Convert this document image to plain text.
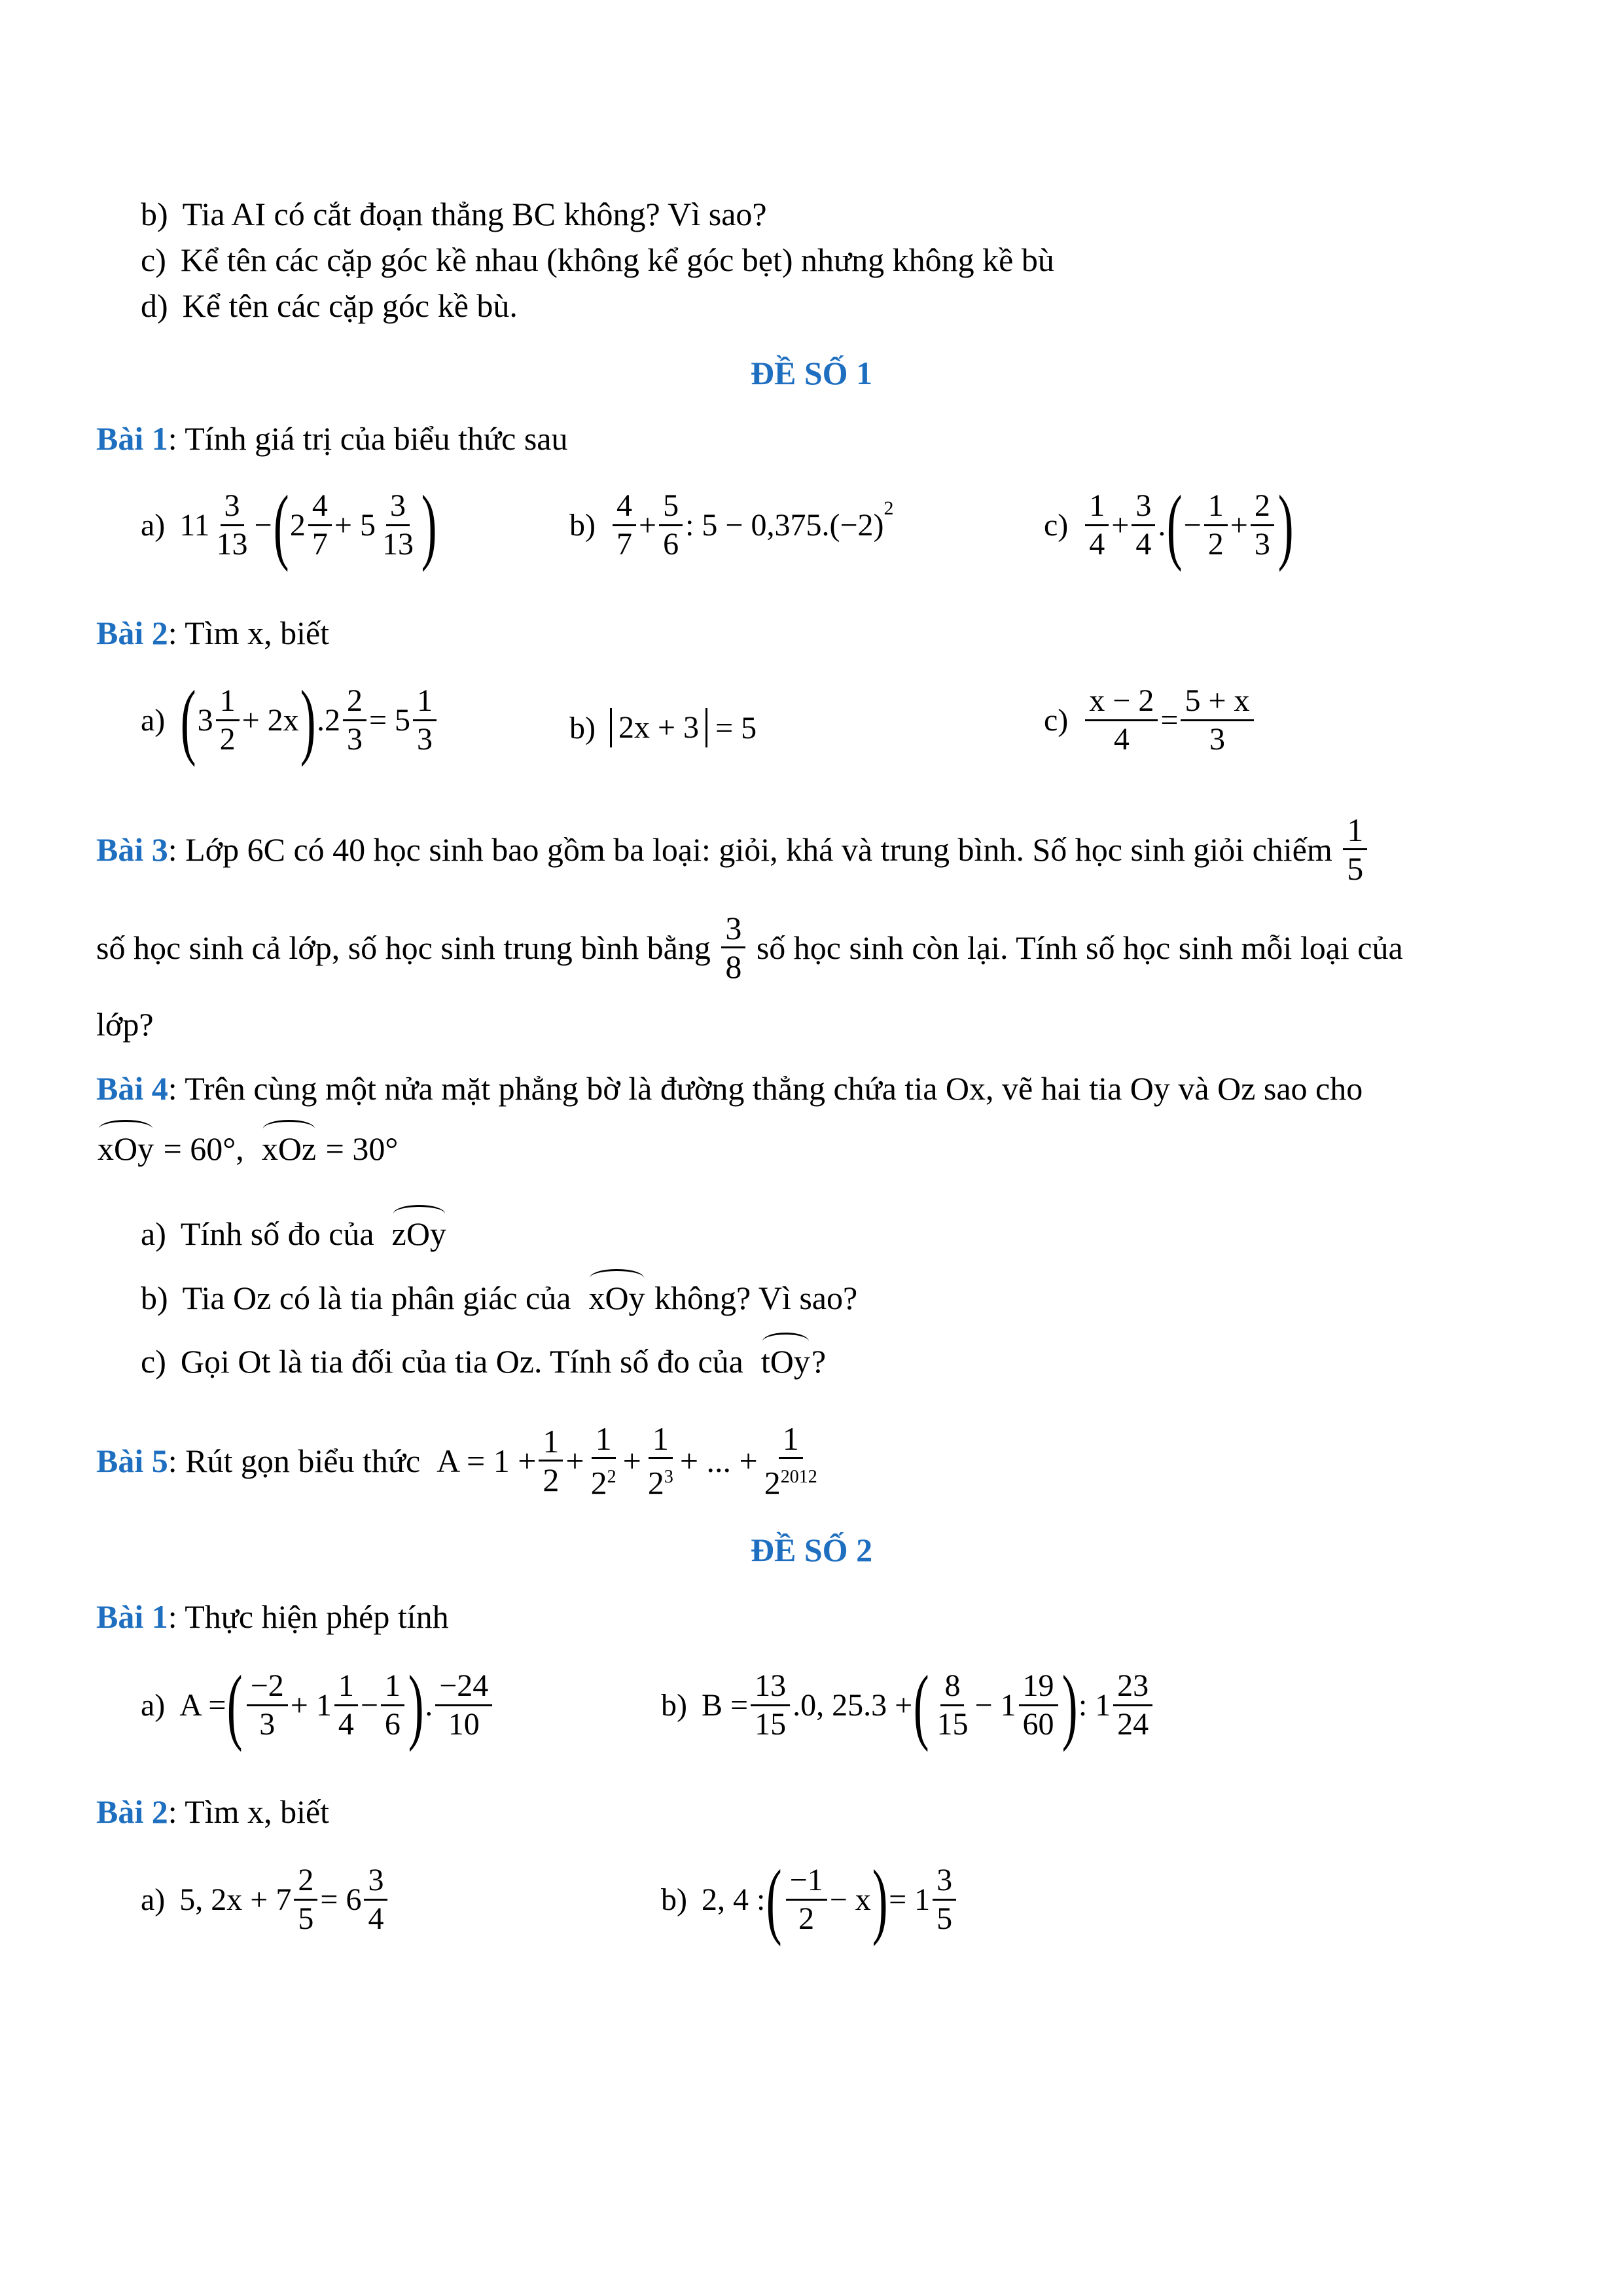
b) Tia AI có cắt đoạn thẳng BC không? Vì sao?
c) Kể tên các cặp góc kề nhau (không kể góc bẹt) nhưng không kề bù
d) Kể tên các cặp góc kề bù.
ĐỀ SỐ 1
Bài 1: Tính giá trị của biểu thức sau
a) $11 \frac{3}{13}$ − ( $2 \frac{4}{7}$ +
$5 \frac{3}{13}$ )	$b) \frac{4}{7} + \frac{5}{6}$ : 5 − 0,375.(−2) 2	$c) \frac{1}{4} + \frac{3}{4}$ . ( − $\frac{1}{2} + \frac{2}{3}$ )
Bài 2: Tìm x, biết
a) ( $3 \frac{1}{2} + 2x$ ) $.2 \frac{2}{3} = 5 \frac{1}{3}$	b) 2x + 3
= 5	$c) \frac{x - 2}{4} = \frac{5 + x}{3}$
Bài 3 : Lớp 6C có 40 học sinh bao gồm ba loại: giỏi, khá và trung bình. Số học sinh giỏi chiếm
$\frac{1}{5}$
số học sinh cả lớp, số học sinh trung bình bằng
$\frac{3}{8}$
số học sinh còn lại. Tính số học sinh mỗi loại của
lớp?
Bài 4: Trên cùng một nửa mặt phẳng bờ là đường thẳng chứa tia Ox, vẽ hai tia Oy và Oz sao cho
xOy = 60°, xOz = 30°
a) Tính số đo của zOy
b) Tia Oz có là tia phân giác của xOy không? Vì sao?
c) Gọi Ot là tia đối của tia Oz. Tính số đo của tOy?
Bài 5 : Rút gọn biểu thức
$A = 1 + \frac{1}{2} + \frac{1}{2^2} + \frac{1}{2^3}$ + ... + $\frac{1}{2^{2012}}$
ĐỀ SỐ 2
Bài 1: Thực hiện phép tính
a) A = ( $\frac{-2}{3} + 1 \frac{1}{4} - \frac{1}{6}$ ) . $\frac{-24}{10}$	b) $B = \frac{13}{15} .0$, 25.3 + ( $\frac{8}{15} - 1 \frac{19}{60}$ ) : $1 \frac{23}{24}$
Bài 2: Tìm x, biết
a) 5, $2x + 7 \frac{2}{5} = 6 \frac{3}{4}$	b) 2, 4 : ( $\frac{-1}{2} - x$ ) = $1 \frac{3}{5}$
